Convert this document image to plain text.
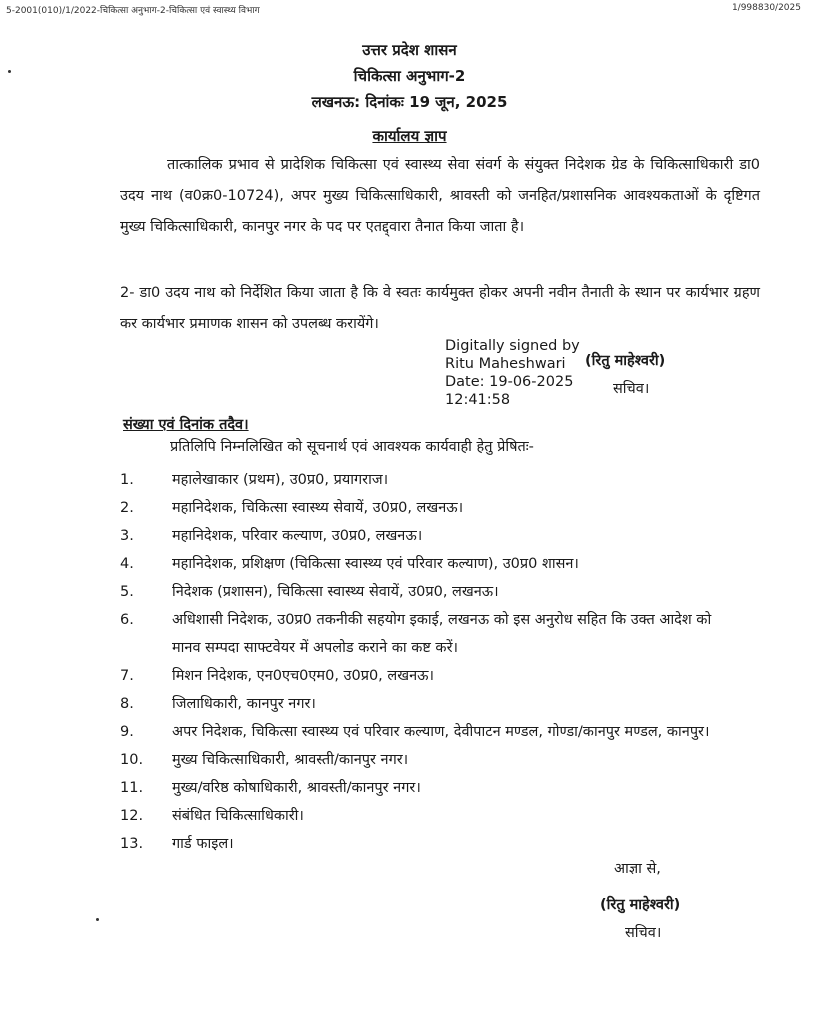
5-2001(010)/1/2022-चिकित्सा अनुभाग-2-चिकित्सा एवं स्वास्थ्य विभाग	1/998830/2025
उत्तर प्रदेश शासन
चिकित्सा अनुभाग-2
लखनऊ: दिनांकः 19 जून, 2025
कार्यालय ज्ञाप
तात्कालिक प्रभाव से प्रादेशिक चिकित्सा एवं स्वास्थ्य सेवा संवर्ग के संयुक्त निदेशक ग्रेड के चिकित्साधिकारी डा0 उदय नाथ (व0क्र0-10724), अपर मुख्य चिकित्साधिकारी, श्रावस्ती को जनहित/प्रशासनिक आवश्यकताओं के दृष्टिगत मुख्य चिकित्साधिकारी, कानपुर नगर के पद पर एतद्द्वारा तैनात किया जाता है।
2- डा0 उदय नाथ को निर्देशित किया जाता है कि वे स्वतः कार्यमुक्त होकर अपनी नवीन तैनाती के स्थान पर कार्यभार ग्रहण कर कार्यभार प्रमाणक शासन को उपलब्ध करायेंगे।
Digitally signed by
Ritu Maheshwari
Date: 19-06-2025
12:41:58
(रितु माहेश्वरी)
सचिव।
संख्या एवं दिनांक तदैव।
प्रतिलिपि निम्नलिखित को सूचनार्थ एवं आवश्यक कार्यवाही हेतु प्रेषितः-
1.	महालेखाकार (प्रथम), उ0प्र0, प्रयागराज।
2.	महानिदेशक, चिकित्सा स्वास्थ्य सेवायें, उ0प्र0, लखनऊ।
3.	महानिदेशक, परिवार कल्याण, उ0प्र0, लखनऊ।
4.	महानिदेशक, प्रशिक्षण (चिकित्सा स्वास्थ्य एवं परिवार कल्याण), उ0प्र0 शासन।
5.	निदेशक (प्रशासन), चिकित्सा स्वास्थ्य सेवायें, उ0प्र0, लखनऊ।
6.	अधिशासी निदेशक, उ0प्र0 तकनीकी सहयोग इकाई, लखनऊ को इस अनुरोध सहित कि उक्त आदेश को मानव सम्पदा साफ्टवेयर में अपलोड कराने का कष्ट करें।
7.	मिशन निदेशक, एन0एच0एम0, उ0प्र0, लखनऊ।
8.	जिलाधिकारी, कानपुर नगर।
9.	अपर निदेशक, चिकित्सा स्वास्थ्य एवं परिवार कल्याण, देवीपाटन मण्डल, गोण्डा/कानपुर मण्डल, कानपुर।
10.	मुख्य चिकित्साधिकारी, श्रावस्ती/कानपुर नगर।
11.	मुख्य/वरिष्ठ कोषाधिकारी, श्रावस्ती/कानपुर नगर।
12.	संबंधित चिकित्साधिकारी।
13.	गार्ड फाइल।
आज्ञा से,
(रितु माहेश्वरी)
सचिव।
